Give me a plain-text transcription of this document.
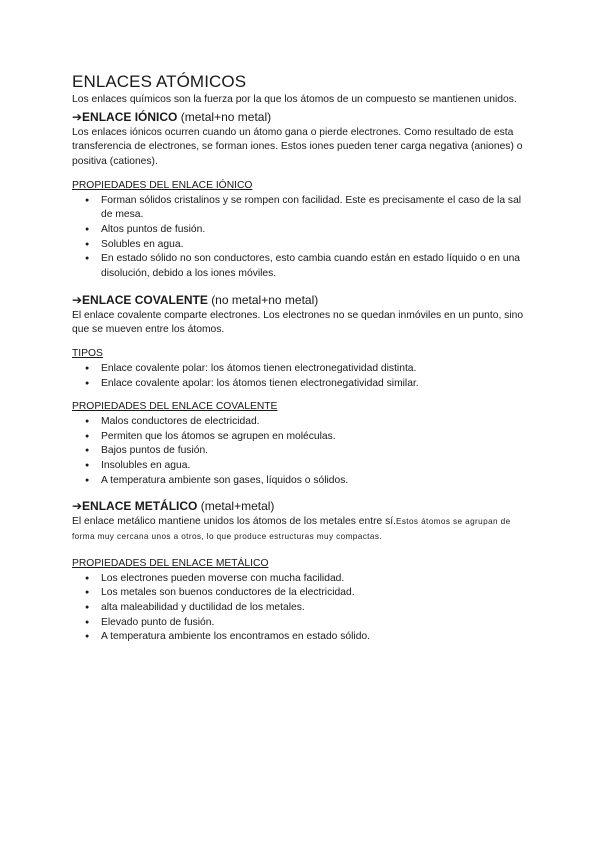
ENLACES ATÓMICOS

Los enlaces químicos son la fuerza por la que los átomos de un compuesto se mantienen unidos.

➔ENLACE IÓNICO (metal+no metal)

Los enlaces iónicos ocurren cuando un átomo gana o pierde electrones. Como resultado de esta transferencia de electrones, se forman iones. Estos iones pueden tener carga negativa (aniones) o positiva (cationes).

PROPIEDADES DEL ENLACE IÓNICO

● Forman sólidos cristalinos y se rompen con facilidad. Este es precisamente el caso de la sal de mesa.
● Altos puntos de fusión.
● Solubles en agua.
● En estado sólido no son conductores, esto cambia cuando están en estado líquido o en una disolución, debido a los iones móviles.
➔ENLACE COVALENTE (no metal+no metal)

El enlace covalente comparte electrones. Los electrones no se quedan inmóviles en un punto, sino que se mueven entre los átomos.

TIPOS

● Enlace covalente polar: los átomos tienen electronegatividad distinta.
● Enlace covalente apolar: los átomos tienen electronegatividad similar.

PROPIEDADES DEL ENLACE COVALENTE

● Malos conductores de electricidad.
● Permiten que los átomos se agrupen en moléculas.
● Bajos puntos de fusión.
● Insolubles en agua.
● A temperatura ambiente son gases, líquidos o sólidos.
➔ENLACE METÁLICO (metal+metal)

El enlace metálico mantiene unidos los átomos de los metales entre sí.Estos átomos se agrupan de forma muy cercana unos a otros, lo que produce estructuras muy compactas.

PROPIEDADES DEL ENLACE METÁLICO

● Los electrones pueden moverse con mucha facilidad.
● Los metales son buenos conductores de la electricidad.
● alta maleabilidad y ductilidad de los metales.
● Elevado punto de fusión.
● A temperatura ambiente los encontramos en estado sólido.
